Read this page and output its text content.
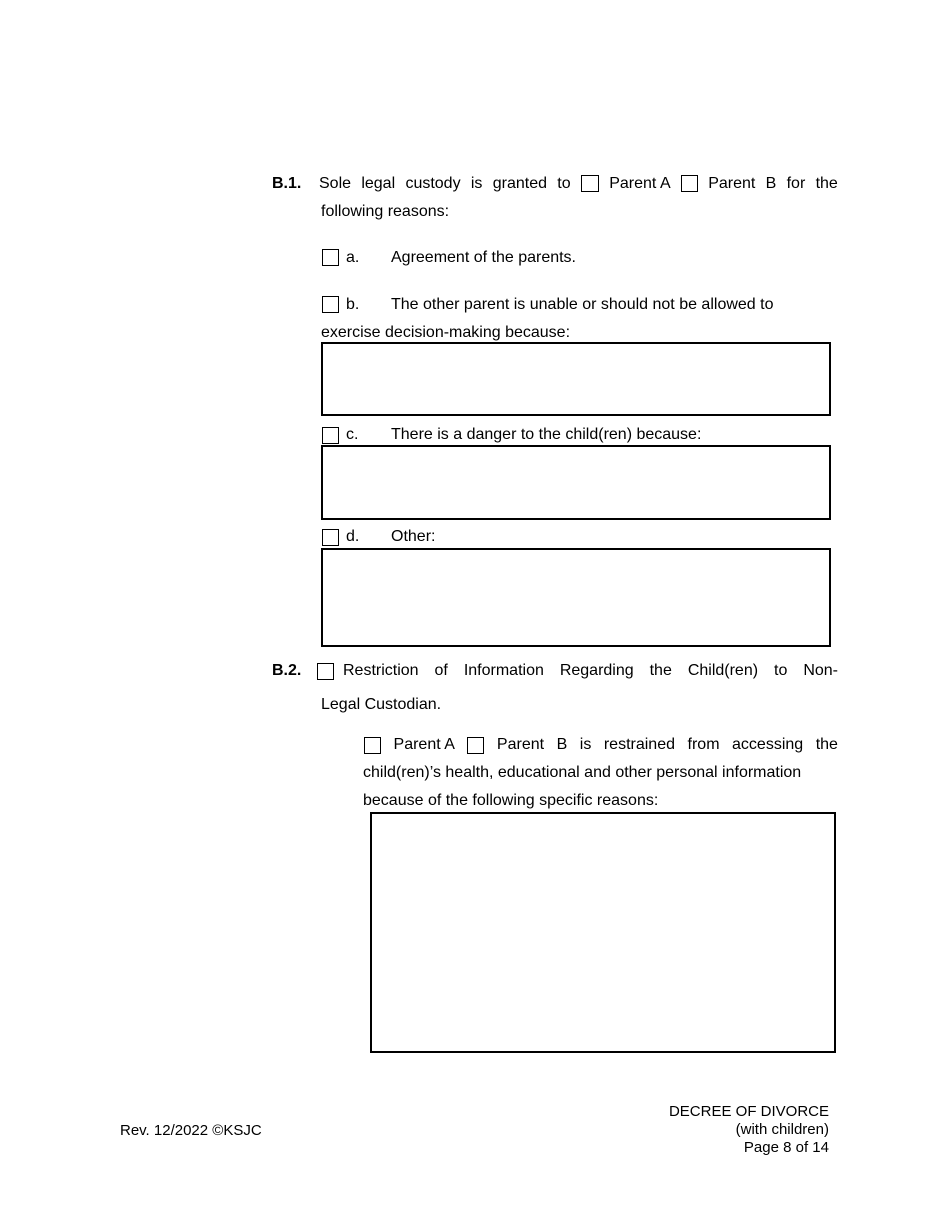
B.1. Sole legal custody is granted to Parent A Parent B for the
following reasons:
a. Agreement of the parents.
b. The other parent is unable or should not be allowed to
exercise decision-making because:
c. There is a danger to the child(ren) because:
d. Other:
B.2.	Restriction of Information Regarding the Child(ren) to Non-
Legal Custodian.
Parent A	Parent B is restrained from accessing the
child(ren)’s health, educational and other personal information
because of the following specific reasons:
Rev. 12/2022 ©KSJC
DECREE OF DIVORCE
(with children)
Page 8 of 14
